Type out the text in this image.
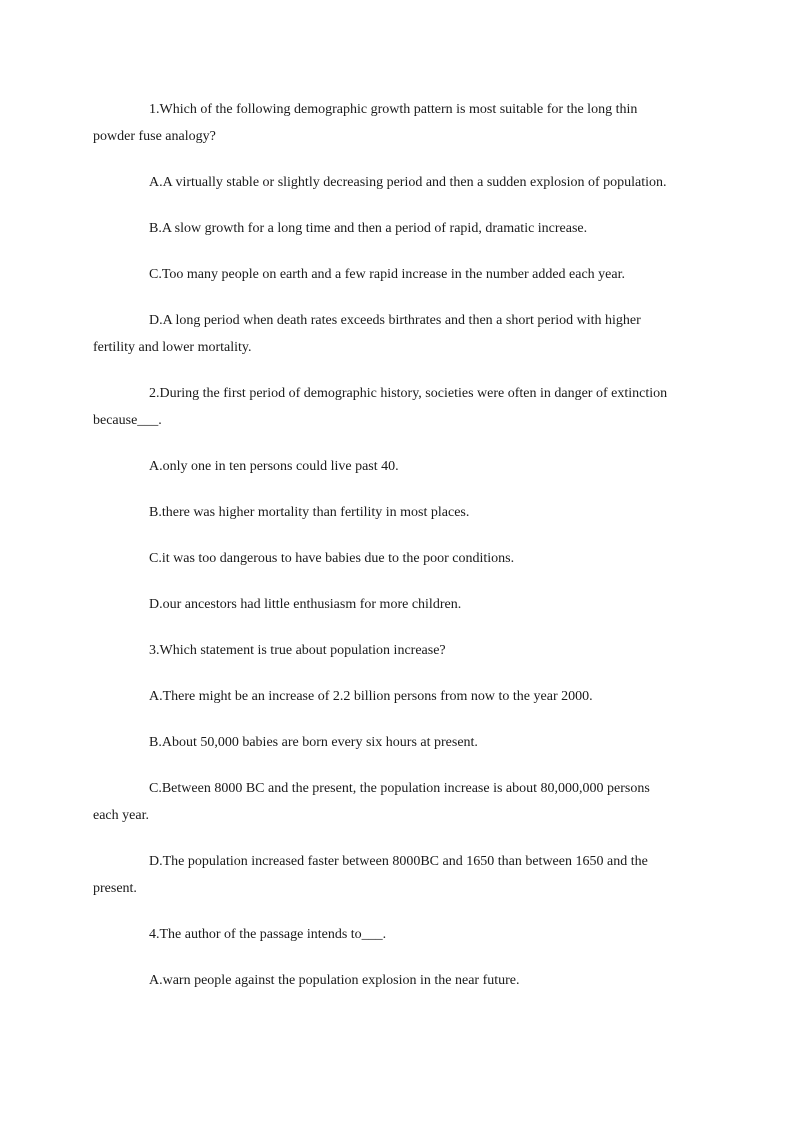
1.Which of the following demographic growth pattern is most suitable for the long thin
powder fuse analogy?

A.A virtually stable or slightly decreasing period and then a sudden explosion of population.

B.A slow growth for a long time and then a period of rapid, dramatic increase.

C.Too many people on earth and a few rapid increase in the number added each year.

D.A long period when death rates exceeds birthrates and then a short period with higher
fertility and lower mortality.

2.During the first period of demographic history, societies were often in danger of extinction
because___.

A.only one in ten persons could live past 40.

B.there was higher mortality than fertility in most places.

C.it was too dangerous to have babies due to the poor conditions.

D.our ancestors had little enthusiasm for more children.

3.Which statement is true about population increase?

A.There might be an increase of 2.2 billion persons from now to the year 2000.

B.About 50,000 babies are born every six hours at present.

C.Between 8000 BC and the present, the population increase is about 80,000,000 persons
each year.

D.The population increased faster between 8000BC and 1650 than between 1650 and the
present.

4.The author of the passage intends to___.

A.warn people against the population explosion in the near future.
